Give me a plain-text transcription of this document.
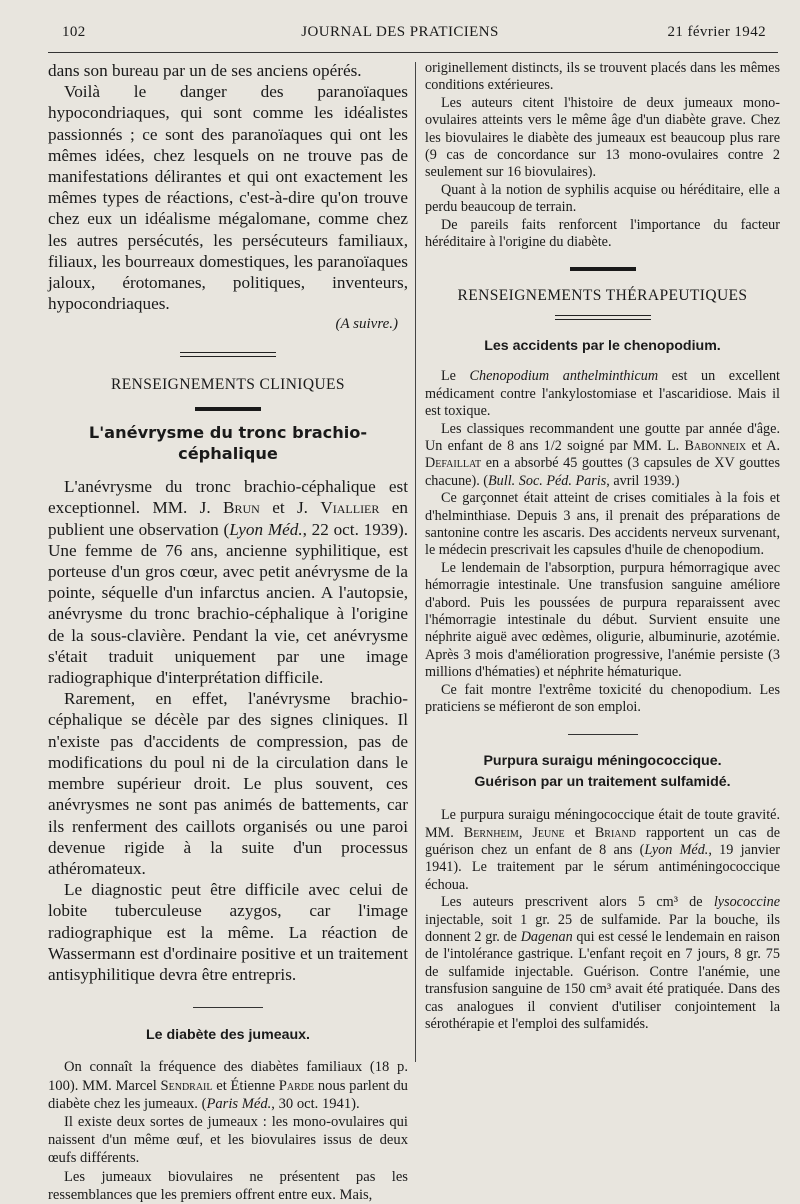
102	JOURNAL DES PRATICIENS	21 février 1942

dans son bureau par un de ses anciens opérés.

Voilà le danger des paranoïaques hypocondriaques, qui sont comme les idéalistes passionnés ; ce sont des paranoïaques qui ont les mêmes idées, chez lesquels on ne trouve pas de manifestations délirantes et qui ont exactement les mêmes types de réactions, c'est-à-dire qu'on trouve chez eux un idéalisme mégalomane, comme chez les autres persécutés, les persécuteurs familiaux, filiaux, les bourreaux domestiques, les paranoïaques jaloux, érotomanes, politiques, inventeurs, hypocondriaques.

(A suivre.)
RENSEIGNEMENTS CLINIQUES
L'anévrysme du tronc brachio-céphalique

L'anévrysme du tronc brachio-céphalique est exceptionnel. MM. J. Brun et J. Viallier en publient une observation (Lyon Méd., 22 oct. 1939). Une femme de 76 ans, ancienne syphilitique, est porteuse d'un gros cœur, avec petit anévrysme de la pointe, séquelle d'un infarctus ancien. A l'autopsie, anévrysme du tronc brachio-céphalique à l'origine de la sous-clavière. Pendant la vie, cet anévrysme s'était traduit uniquement par une image radiographique d'interprétation difficile.

Rarement, en effet, l'anévrysme brachio-céphalique se décèle par des signes cliniques. Il n'existe pas d'accidents de compression, pas de modifications du poul ni de la circulation dans le membre supérieur droit. Le plus souvent, ces anévrysmes ne sont pas animés de battements, car ils renferment des caillots organisés ou une paroi devenue rigide à la suite d'un processus athéromateux.

Le diagnostic peut être difficile avec celui de lobite tuberculeuse azygos, car l'image radiographique est la même. La réaction de Wassermann est d'ordinaire positive et un traitement antisyphilitique devra être entrepris.

Le diabète des jumeaux.

On connaît la fréquence des diabètes familiaux (18 p. 100). MM. Marcel Sendrail et Étienne Parde nous parlent du diabète chez les jumeaux. (Paris Méd., 30 oct. 1941).

Il existe deux sortes de jumeaux : les mono-ovulaires qui naissent d'un même œuf, et les biovulaires issus de deux œufs différents.

Les jumeaux biovulaires ne présentent pas les ressemblances que les premiers offrent entre eux. Mais,

originellement distincts, ils se trouvent placés dans les mêmes conditions extérieures.

Les auteurs citent l'histoire de deux jumeaux mono-ovulaires atteints vers le même âge d'un diabète grave. Chez les biovulaires le diabète des jumeaux est beaucoup plus rare (9 cas de concordance sur 13 mono-ovulaires contre 2 seulement sur 16 biovulaires).

Quant à la notion de syphilis acquise ou héréditaire, elle a perdu beaucoup de terrain.

De pareils faits renforcent l'importance du facteur héréditaire à l'origine du diabète.

RENSEIGNEMENTS THÉRAPEUTIQUES
Les accidents par le chenopodium.

Le Chenopodium anthelminthicum est un excellent médicament contre l'ankylostomiase et l'ascaridiose. Mais il est toxique.

Les classiques recommandent une goutte par année d'âge. Un enfant de 8 ans 1/2 soigné par MM. L. Babonneix et A. Defaillat en a absorbé 45 gouttes (3 capsules de XV gouttes chacune). (Bull. Soc. Péd. Paris, avril 1939.)

Ce garçonnet était atteint de crises comitiales à la fois et d'helminthiase. Depuis 3 ans, il prenait des préparations de santonine contre les ascaris. Des accidents nerveux survenant, le médecin prescrivait les capsules d'huile de chenopodium.

Le lendemain de l'absorption, purpura hémorragique avec hémorragie intestinale. Une transfusion sanguine améliore d'abord. Puis les poussées de purpura reparaissent avec l'hémorragie intestinale du début. Survient ensuite une néphrite aiguë avec œdèmes, oligurie, albuminurie, azotémie. Après 3 mois d'amélioration progressive, l'anémie persiste (3 millions d'hématies) et néphrite hématurique.

Ce fait montre l'extrême toxicité du chenopodium. Les praticiens se méfieront de son emploi.

Purpura suraigu méningococcique.
Guérison par un traitement sulfamidé.

Le purpura suraigu méningococcique était de toute gravité. MM. Bernheim, Jeune et Briand rapportent un cas de guérison chez un enfant de 8 ans (Lyon Méd., 19 janvier 1941). Le traitement par le sérum antiméningococcique échoua.

Les auteurs prescrivent alors 5 cm³ de lysococcine injectable, soit 1 gr. 25 de sulfamide. Par la bouche, ils donnent 2 gr. de Dagenan qui est cessé le lendemain en raison de l'intolérance gastrique. L'enfant reçoit en 7 jours, 8 gr. 75 de sulfamide injectable. Guérison. Contre l'anémie, une transfusion sanguine de 150 cm³ avait été pratiquée. Dans des cas analogues il convient d'utiliser conjointement la sérothérapie et l'emploi des sulfamidés.
